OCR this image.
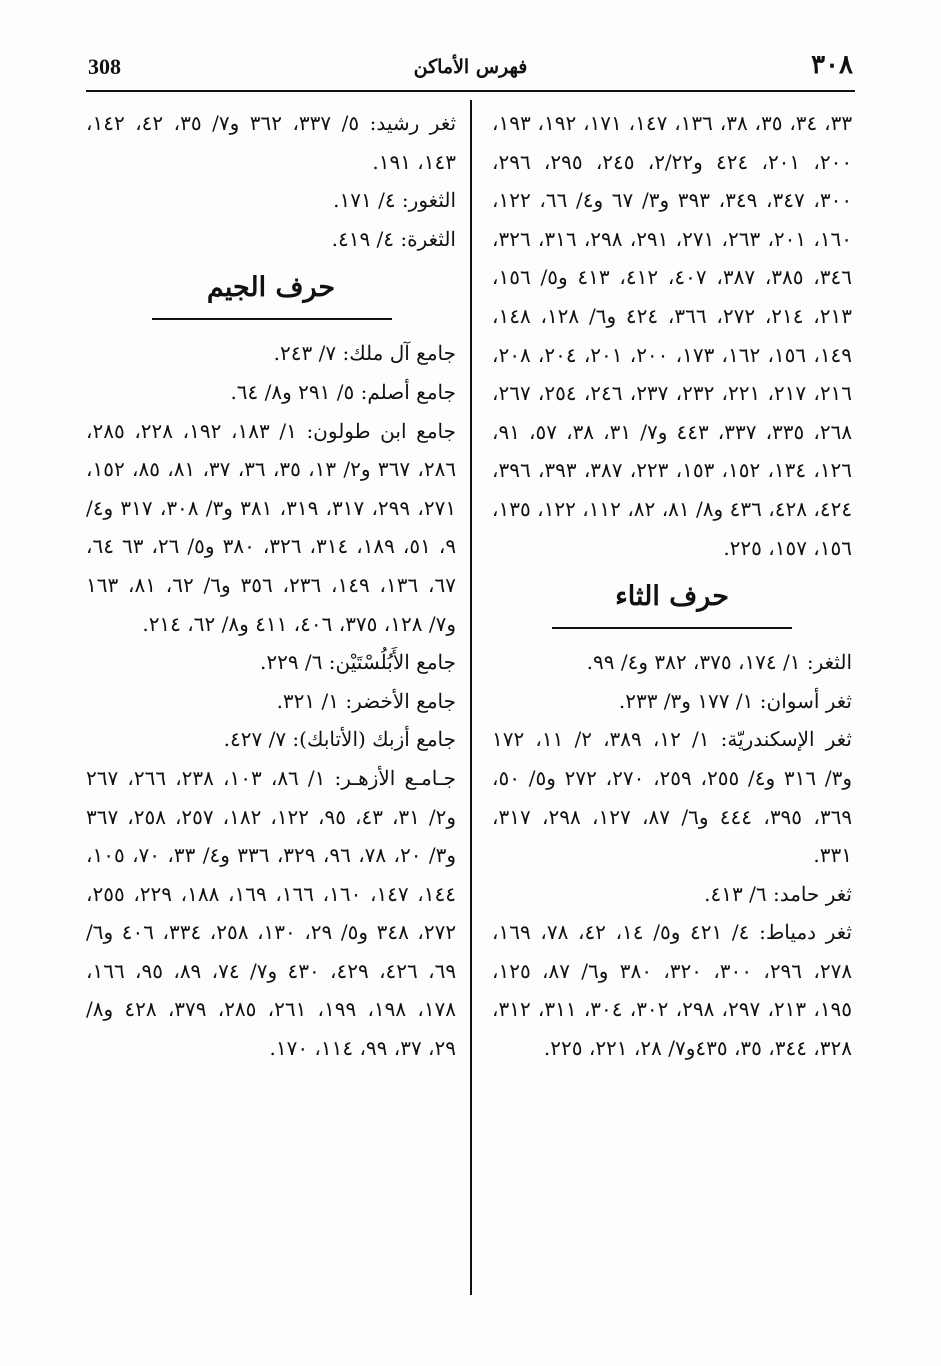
308	فهرس الأماكن	٣٠٨

٣٣، ٣٤، ٣٥، ٣٨، ١٣٦، ١٤٧، ١٧١، ١٩٢، ١٩٣، ٢٠٠، ٢٠١، ٤٢٤ و٢/٢٢، ٢٤٥، ٢٩٥، ٢٩٦، ٣٠٠، ٣٤٧، ٣٤٩، ٣٩٣ و٣/ ٦٧ و٤/ ٦٦، ١٢٢، ١٦٠، ٢٠١، ٢٦٣، ٢٧١، ٢٩١، ٢٩٨، ٣١٦، ٣٢٦، ٣٤٦، ٣٨٥، ٣٨٧، ٤٠٧، ٤١٢، ٤١٣ و٥/ ١٥٦، ٢١٣، ٢١٤، ٢٧٢، ٣٦٦، ٤٢٤ و٦/ ١٢٨، ١٤٨، ١٤٩، ١٥٦، ١٦٢، ١٧٣، ٢٠٠، ٢٠١، ٢٠٤، ٢٠٨، ٢١٦، ٢١٧، ٢٢١، ٢٣٢، ٢٣٧، ٢٤٦، ٢٥٤، ٢٦٧، ٢٦٨، ٣٣٥، ٣٣٧، ٤٤٣ و٧/ ٣١، ٣٨، ٥٧، ٩١، ١٢٦، ١٣٤، ١٥٢، ١٥٣، ٢٢٣، ٣٨٧، ٣٩٣، ٣٩٦، ٤٢٤، ٤٢٨، ٤٣٦ و٨/ ٨١، ٨٢، ١١٢، ١٢٢، ١٣٥، ١٥٦، ١٥٧، ٢٢٥.

حرف الثاء

الثغر: ١/ ١٧٤، ٣٧٥، ٣٨٢ و٤/ ٩٩.

ثغر أسوان: ١/ ١٧٧ و٣/ ٢٣٣.

ثغر الإسكندريّة: ١/ ١٢، ٣٨٩، ٢/ ١١، ١٧٢ و٣/ ٣١٦ و٤/ ٢٥٥، ٢٥٩، ٢٧٠، ٢٧٢ و٥/ ٥٠، ٣٦٩، ٣٩٥، ٤٤٤ و٦/ ٨٧، ١٢٧، ٢٩٨، ٣١٧، ٣٣١.

ثغر حامد: ٦/ ٤١٣.

ثغر دمياط: ٤/ ٤٢١ و٥/ ١٤، ٤٢، ٧٨، ١٦٩، ٢٧٨، ٢٩٦، ٣٠٠، ٣٢٠، ٣٨٠ و٦/ ٨٧، ١٢٥، ١٩٥، ٢١٣، ٢٩٧، ٢٩٨، ٣٠٢، ٣٠٤، ٣١١، ٣١٢، ٣٢٨، ٣٤٤، ٣٥، ٤٣٥و٧/ ٢٨، ٢٢١، ٢٢٥.

ثغر رشيد: ٥/ ٣٣٧، ٣٦٢ و٧/ ٣٥، ٤٢، ١٤٢، ١٤٣، ١٩١.

الثغور: ٤/ ١٧١.

الثغرة: ٤/ ٤١٩.

حرف الجيم

جامع آل ملك: ٧/ ٢٤٣.

جامع أصلم: ٥/ ٢٩١ و٨/ ٦٤.

جامع ابن طولون: ١/ ١٨٣، ١٩٢، ٢٢٨، ٢٨٥، ٢٨٦، ٣٦٧ و٢/ ١٣، ٣٥، ٣٦، ٣٧، ٨١، ٨٥، ١٥٢، ٢٧١، ٢٩٩، ٣١٧، ٣١٩، ٣٨١ و٣/ ٣٠٨، ٣١٧ و٤/ ٩، ٥١، ١٨٩، ٣١٤، ٣٢٦، ٣٨٠ و٥/ ٢٦، ٦٣ ٦٤، ٦٧، ١٣٦، ١٤٩، ٢٣٦، ٣٥٦ و٦/ ٦٢، ٨١، ١٦٣ و٧/ ١٢٨، ٣٧٥، ٤٠٦، ٤١١ و٨/ ٦٢، ٢١٤.

جامع الأَبُلُسْتَيْن: ٦/ ٢٢٩.

جامع الأخضر: ١/ ٣٢١.

جامع أزبك (الأتابك): ٧/ ٤٢٧.

جـامـع الأزهـر: ١/ ٨٦، ١٠٣، ٢٣٨، ٢٦٦، ٢٦٧ و٢/ ٣١، ٤٣، ٩٥، ١٢٢، ١٨٢، ٢٥٧، ٢٥٨، ٣٦٧ و٣/ ٢٠، ٧٨، ٩٦، ٣٢٩، ٣٣٦ و٤/ ٣٣، ٧٠، ١٠٥، ١٤٤، ١٤٧، ١٦٠، ١٦٦، ١٦٩، ١٨٨، ٢٢٩، ٢٥٥، ٢٧٢، ٣٤٨ و٥/ ٢٩، ١٣٠، ٢٥٨، ٣٣٤، ٤٠٦ و٦/ ٦٩، ٤٢٦، ٤٢٩، ٤٣٠ و٧/ ٧٤، ٨٩، ٩٥، ١٦٦، ١٧٨، ١٩٨، ١٩٩، ٢٦١، ٢٨٥، ٣٧٩، ٤٢٨ و٨/ ٢٩، ٣٧، ٩٩، ١١٤، ١٧٠.
